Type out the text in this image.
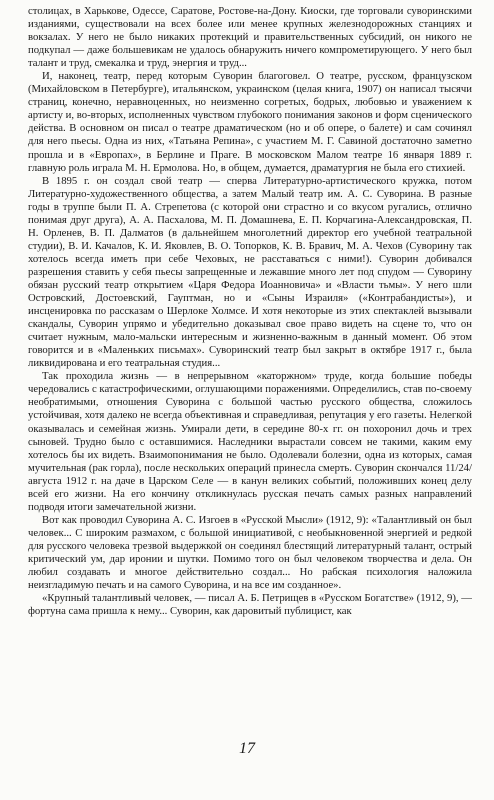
столицах, в Харькове, Одессе, Саратове, Ростове-на-Дону. Киоски, где торговали суворинскими изданиями, существовали на всех более или менее крупных железнодорожных станциях и вокзалах. У него не было никаких протекций и правительственных субсидий, он никого не подкупал — даже большевикам не удалось обнаружить ничего компрометирующего. У него был талант и труд, смекалка и труд, энергия и труд...

И, наконец, театр, перед которым Суворин благоговел. О театре, русском, французском (Михайловском в Петербурге), итальянском, украинском (целая книга, 1907) он написал тысячи страниц, конечно, неравноценных, но неизменно согретых, бодрых, любовью и уважением к артисту и, во-вторых, исполненных чувством глубокого понимания законов и форм сценического действа. В основном он писал о театре драматическом (но и об опере, о балете) и сам сочинял для него пьесы. Одна из них, «Татьяна Репина», с участием М. Г. Савиной достаточно заметно прошла и в «Европах», в Берлине и Праге. В московском Малом театре 16 января 1889 г. главную роль играла М. Н. Ермолова. Но, в общем, думается, драматургия не была его стихией.

В 1895 г. он создал свой театр — сперва Литературно-артистического кружка, потом Литературно-художественного общества, а затем Малый театр им. А. С. Суворина. В разные годы в труппе были П. А. Стрепетова (с которой они страстно и со вкусом ругались, отлично понимая друг друга), А. А. Пасхалова, М. П. Домашнева, Е. П. Корчагина-Александровская, П. Н. Орленев, В. П. Далматов (в дальнейшем многолетний директор его учебной театральной студии), В. И. Качалов, К. И. Яковлев, В. О. Топорков, К. В. Бравич, М. А. Чехов (Суворину так хотелось всегда иметь при себе Чеховых, не расставаться с ними!). Суворин добивался разрешения ставить у себя пьесы запрещенные и лежавшие много лет под спудом — Суворину обязан русский театр открытием «Царя Федора Иоанновича» и «Власти тьмы». У него шли Островский, Достоевский, Гауптман, но и «Сыны Израиля» («Контрабандисты»), и инсценировка по рассказам о Шерлоке Холмсе. И хотя некоторые из этих спектаклей вызывали скандалы, Суворин упрямо и убедительно доказывал свое право видеть на сцене то, что он считает нужным, мало-мальски интересным и жизненно-важным в данный момент. Об этом говорится и в «Маленьких письмах». Суворинский театр был закрыт в октябре 1917 г., была ликвидирована и его театральная студия...

Так проходила жизнь — в непрерывном «каторжном» труде, когда большие победы чередовались с катастрофическими, оглушающими поражениями. Определились, став по-своему необратимыми, отношения Суворина с большой частью русского общества, сложилось устойчивая, хотя далеко не всегда объективная и справедливая, репутация у его газеты. Нелегкой оказывалась и семейная жизнь. Умирали дети, в середине 80-х гг. он похоронил дочь и трех сыновей. Трудно было с оставшимися. Наследники вырастали совсем не такими, каким ему хотелось бы их видеть. Взаимопонимания не было. Одолевали болезни, одна из которых, самая мучительная (рак горла), после нескольких операций принесла смерть. Суворин скончался 11/24/ августа 1912 г. на даче в Царском Селе — в канун великих событий, положивших конец делу всей его жизни. На его кончину откликнулась русская печать самых разных направлений подводя итоги замечательной жизни.

Вот как проводил Суворина А. С. Изгоев в «Русской Мысли» (1912, 9): «Талантливый он был человек... С широким размахом, с большой инициативой, с необыкновенной энергией и редкой для русского человека трезвой выдержкой он соединял блестящий литературный талант, острый критический ум, дар иронии и шутки. Помимо того он был человеком творчества и дела. Он любил создавать и многое действительно создал... Но рабская психология наложила неизгладимую печать и на самого Суворина, и на все им созданное».

«Крупный талантливый человек, — писал А. Б. Петрищев в «Русском Богатстве» (1912, 9), — фортуна сама пришла к нему... Суворин, как даровитый публицист, как

17
